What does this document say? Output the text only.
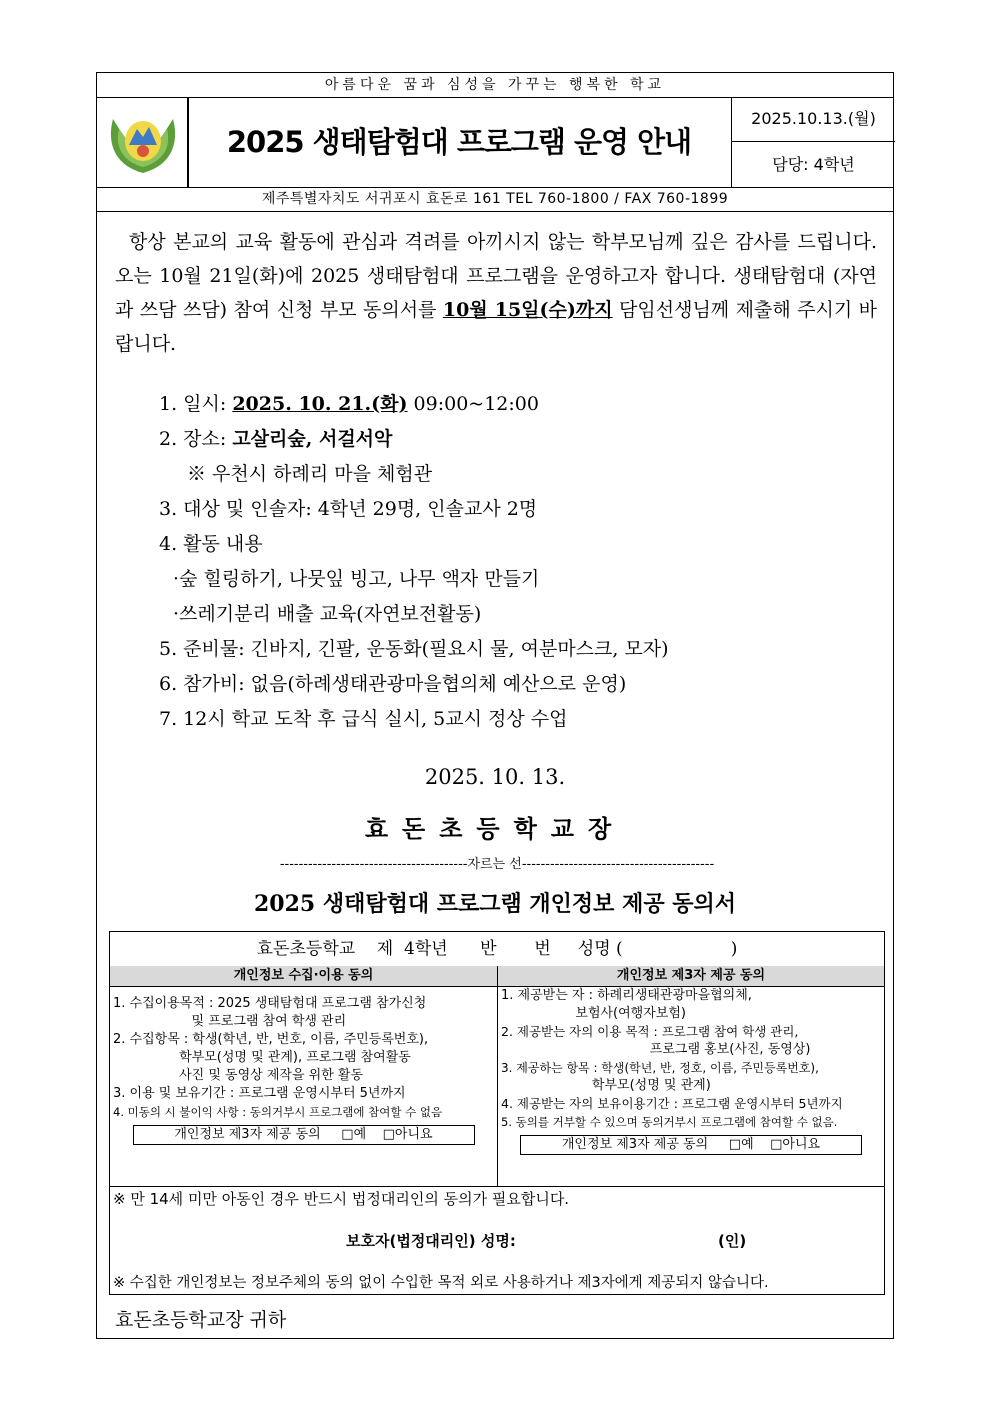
아름다운 꿈과 심성을 가꾸는 행복한 학교
2025 생태탐험대 프로그램 운영 안내
2025.10.13.(월)
담당: 4학년
제주특별자치도 서귀포시 효돈로 161 TEL 760-1800 / FAX 760-1899
항상 본교의 교육 활동에 관심과 격려를 아끼시지 않는 학부모님께 깊은 감사를 드립니다. 오는 10월 21일(화)에 2025 생태탐험대 프로그램을 운영하고자 합니다. 생태탐험대 (자연과 쓰담 쓰담) 참여 신청 부모 동의서를 10월 15일(수)까지 담임선생님께 제출해 주시기 바랍니다.
1. 일시: 2025. 10. 21.(화) 09:00~12:00
2. 장소: 고살리숲, 서걸서악
※ 우천시 하례리 마을 체험관
3. 대상 및 인솔자: 4학년 29명, 인솔교사 2명
4. 활동 내용
·숲 힐링하기, 나뭇잎 빙고, 나무 액자 만들기
·쓰레기분리 배출 교육(자연보전활동)
5. 준비물: 긴바지, 긴팔, 운동화(필요시 물, 여분마스크, 모자)
6. 참가비: 없음(하례생태관광마을협의체 예산으로 운영)
7. 12시 학교 도착 후 급식 실시, 5교시 정상 수업
2025. 10. 13.
효돈초등학교장
----------------------------------------자르는 선-----------------------------------------
2025 생태탐험대 프로그램 개인정보 제공 동의서
효돈초등학교    제  4학년      반       번     성명 (                    )
개인정보 수집·이용 동의
1. 수집이용목적 : 2025 생태탐험대 프로그램 참가신청
및 프로그램 참여 학생 관리
2. 수집항목 : 학생(학년, 반, 번호, 이름, 주민등록번호),
학부모(성명 및 관계), 프로그램 참여활동
사진 및 동영상 제작을 위한 활동
3. 이용 및 보유기간 : 프로그램 운영시부터 5년까지
4. 미동의 시 불이익 사항 : 동의거부시 프로그램에 참여할 수 없음
개인정보 제3자 제공 동의     □예    □아니요
개인정보 제3자 제공 동의
1. 제공받는 자 : 하례리생태관광마을협의체,
보험사(여행자보험)
2. 제공받는 자의 이용 목적 : 프로그램 참여 학생 관리,
프로그램 홍보(사진, 동영상)
3. 제공하는 항목 : 학생(학년, 반, 정호, 이름, 주민등록번호),
학부모(성명 및 관계)
4. 제공받는 자의 보유이용기간 : 프로그램 운영시부터 5년까지
5. 동의를 거부할 수 있으며 동의거부시 프로그램에 참여할 수 없음.
개인정보 제3자 제공 동의     □예    □아니요
※ 만 14세 미만 아동인 경우 반드시 법정대리인의 동의가 필요합니다.
보호자(법정대리인) 성명:	(인)
※ 수집한 개인정보는 정보주체의 동의 없이 수입한 목적 외로 사용하거나 제3자에게 제공되지 않습니다.
효돈초등학교장 귀하
